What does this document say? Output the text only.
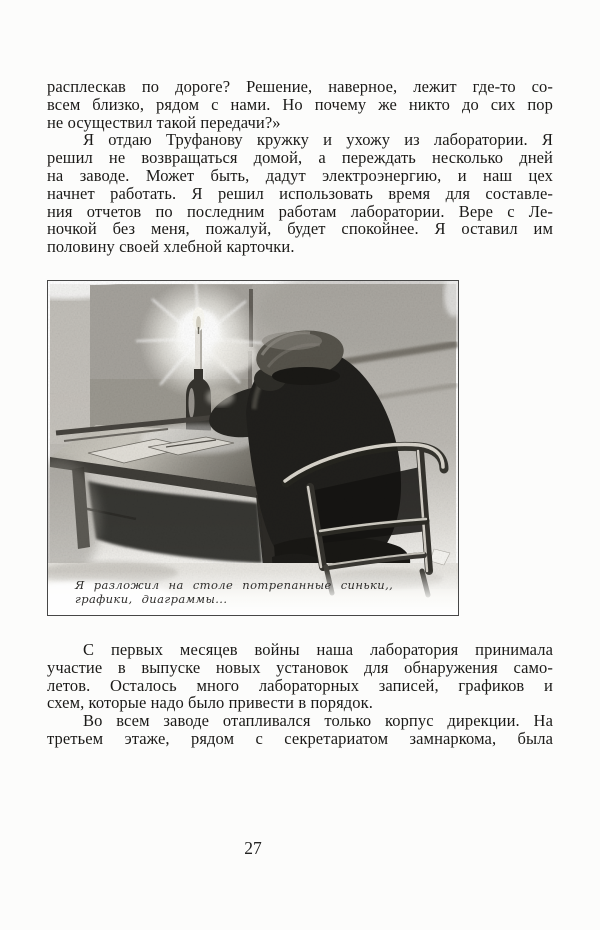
расплескав по дороге? Решение, наверное, лежит где-то со-
всем близко, рядом с нами. Но почему же никто до сих пор
не осуществил такой передачи?»

Я отдаю Труфанову кружку и ухожу из лаборатории. Я
решил не возвращаться домой, а переждать несколько дней
на заводе. Может быть, дадут электроэнергию, и наш цех
начнет работать. Я решил использовать время для составле-
ния отчетов по последним работам лаборатории. Вере с Ле-
ночкой без меня, пожалуй, будет спокойнее. Я оставил им
половину своей хлебной карточки.

Я разложил на столе потрепанные синьки,, графики, диаграммы...

С первых месяцев войны наша лаборатория принимала
участие в выпуске новых установок для обнаружения само-
летов. Осталось много лабораторных записей, графиков и
схем, которые надо было привести в порядок.

Во всем заводе отапливался только корпус дирекции. На
третьем этаже, рядом с секретариатом замнаркома, была

27
